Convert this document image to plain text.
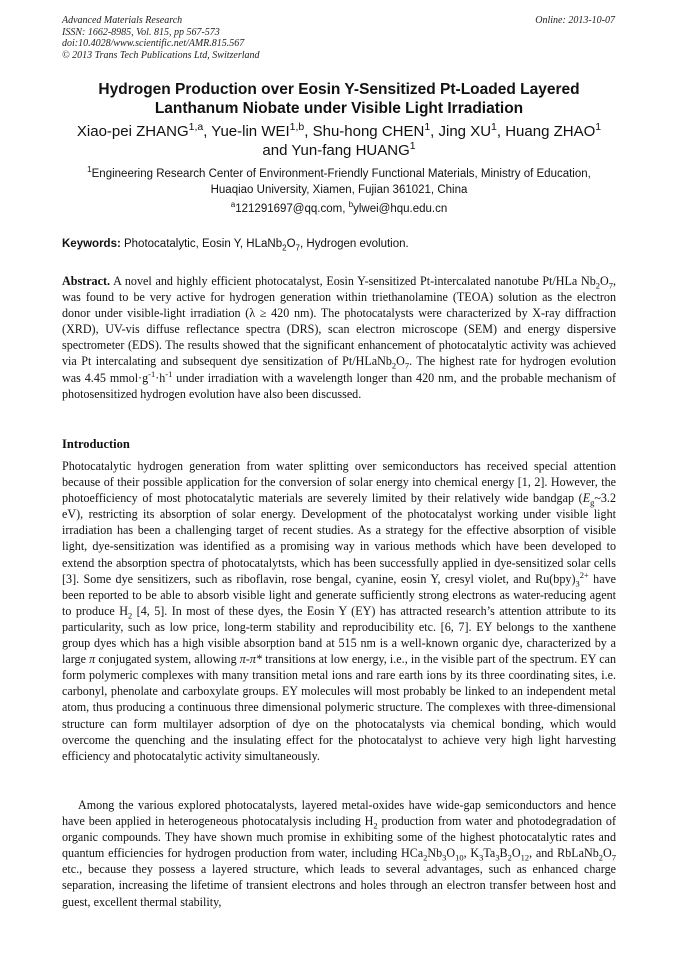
Advanced Materials Research
ISSN: 1662-8985, Vol. 815, pp 567-573
doi:10.4028/www.scientific.net/AMR.815.567
© 2013 Trans Tech Publications Ltd, Switzerland
Online: 2013-10-07
Hydrogen Production over Eosin Y-Sensitized Pt-Loaded Layered
Lanthanum Niobate under Visible Light Irradiation
Xiao-pei ZHANG$^{1,a}$, Yue-lin WEI$^{1,b}$, Shu-hong CHEN$^1$, Jing $XU^1$, Huang ZHAO$^1$
and Yun-fang HUANG$^1$
$^1$Engineering Research Center of Environment-Friendly Functional Materials, Ministry of Education,
Huaqiao University, Xiamen, Fujian 361021, China
$^a$121291697@qq.com, $^b$ylwei@hqu.edu.cn
Keywords: Photocatalytic, Eosin Y, $HLaNb_2O_7$, Hydrogen evolution.

Abstract. A novel and highly efficient photocatalyst, Eosin Y-sensitized Pt-intercalated nanotube Pt/HLa $Nb_2O_7$, was found to be very active for hydrogen generation within triethanolamine (TEOA) solution as the electron donor under visible-light irradiation (λ ≥ 420 nm). The photocatalysts were characterized by X-ray diffraction (XRD), UV-vis diffuse reflectance spectra (DRS), scan electron microscope (SEM) and energy dispersive spectrometer (EDS). The results showed that the significant enhancement of photocatalytic activity was achieved via Pt intercalating and subsequent dye sensitization of $Pt/HLaNb_2O_7$. The highest rate for hydrogen evolution was 4.45 $mmol\cdot g^{-1}\cdot h^{-1}$ under irradiation with a wavelength longer than 420 nm, and the probable mechanism of photosensitized hydrogen evolution have also been discussed.

Introduction

Photocatalytic hydrogen generation from water splitting over semiconductors has received special attention because of their possible application for the conversion of solar energy into chemical energy [1, 2]. However, the photoefficiency of most photocatalytic materials are severely limited by their relatively wide bandgap ($E_g\sim 3.2$ eV), restricting its absorption of solar energy. Development of the photocatalyst working under visible light irradiation has been a challenging target of recent studies. As a strategy for the effective absorption of visible light, dye-sensitization was identified as a promising way in various methods which have been developed to extend the absorption spectra of photocatalytsts, which has been successfully applied in dye-sensitized solar cells [3]. Some dye sensitizers, such as riboflavin, rose bengal, cyanine, eosin Y, cresyl violet, and $Ru(bpy)_3^{2+}$ have been reported to be able to absorb visible light and generate sufficiently strong electrons as water-reducing agent to produce $H_2$ [4, 5]. In most of these dyes, the Eosin Y (EY) has attracted research’s attention attribute to its particularity, such as low price, long-term stability and reproducibility etc. [6, 7]. EY belongs to the xanthene group dyes which has a high visible absorption band at 515 nm is a well-known organic dye, characterized by a large π conjugated system, allowing π-π* transitions at low energy, i.e., in the visible part of the spectrum. EY can form polymeric complexes with many transition metal ions and rare earth ions by its three coordinating sites, i.e. carbonyl, phenolate and carboxylate groups. EY molecules will most probably be linked to an independent metal atom, thus producing a continuous three dimensional polymeric structure. The complexes with three-dimensional structure can form multilayer adsorption of dye on the photocatalysts via chemical bonding, which would overcome the quenching and the insulating effect for the photocatalyst to achieve very high light harvesting efficiency and photocatalytic activity simultaneously.

Among the various explored photocatalysts, layered metal-oxides have wide-gap semiconductors and hence have been applied in heterogeneous photocatalysis including $H_2$ production from water and photodegradation of organic compounds. They have shown much promise in exhibiting some of the highest photocatalytic rates and quantum efficiencies for hydrogen production from water, including $HCa_2Nb_3O_{10}$, $K_3Ta_3B_2O_{12}$, and $RbLaNb_2O_7$ etc., because they possess a layered structure, which leads to several advantages, such as enhanced charge separation, increasing the lifetime of transient electrons and holes through an electron transfer between host and guest, excellent thermal stability,
